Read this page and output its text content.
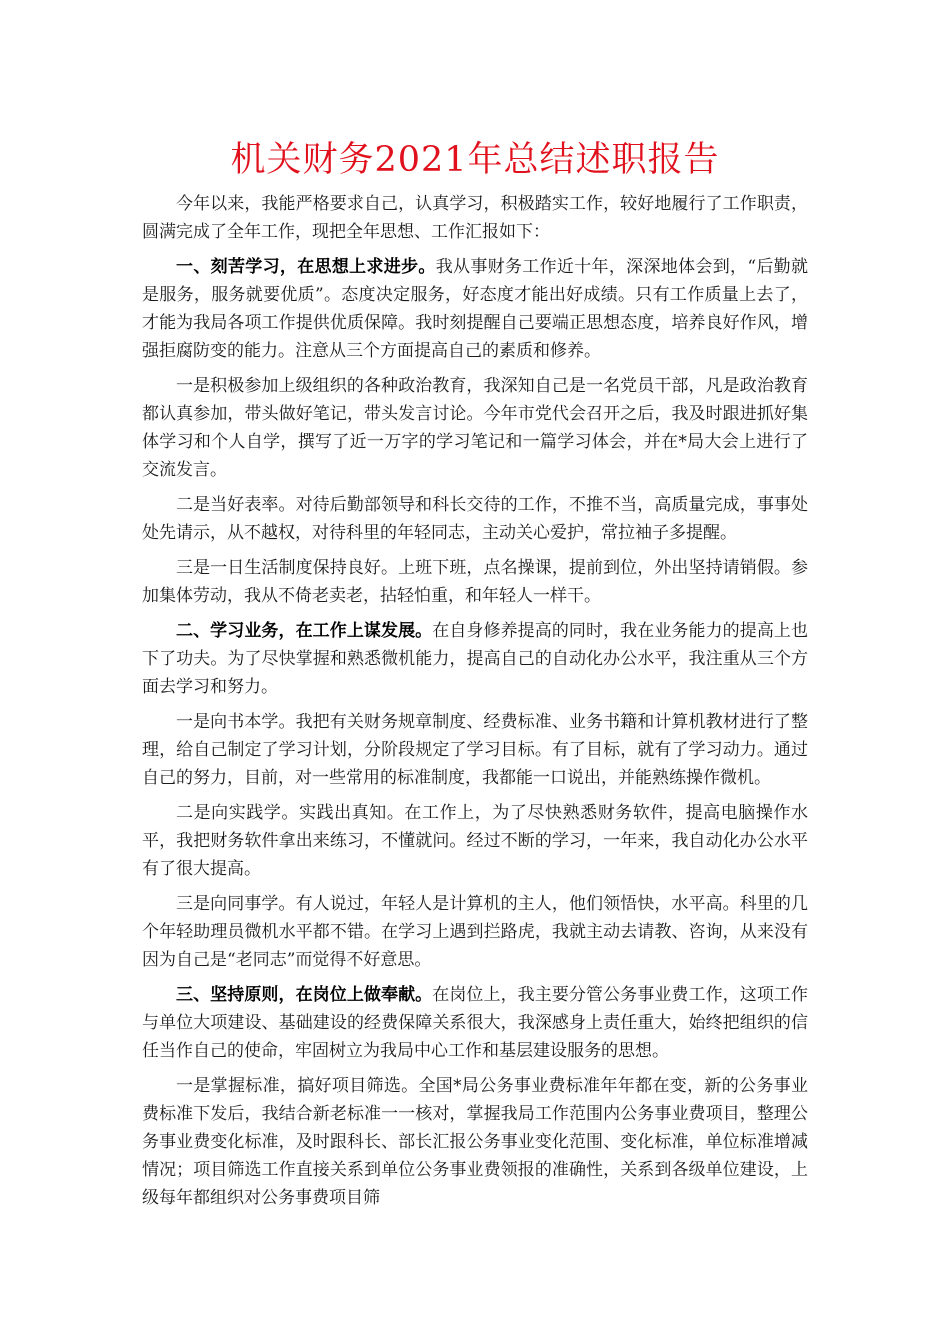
机关财务2021年总结述职报告

今年以来，我能严格要求自己，认真学习，积极踏实工作，较好地履行了工作职责，圆满完成了全年工作，现把全年思想、工作汇报如下：

一、刻苦学习，在思想上求进步。我从事财务工作近十年，深深地体会到，“后勤就是服务，服务就要优质”。态度决定服务，好态度才能出好成绩。只有工作质量上去了，才能为我局各项工作提供优质保障。我时刻提醒自己要端正思想态度，培养良好作风，增强拒腐防变的能力。注意从三个方面提高自己的素质和修养。

一是积极参加上级组织的各种政治教育，我深知自己是一名党员干部，凡是政治教育都认真参加，带头做好笔记，带头发言讨论。今年市党代会召开之后，我及时跟进抓好集体学习和个人自学，撰写了近一万字的学习笔记和一篇学习体会，并在*局大会上进行了交流发言。

二是当好表率。对待后勤部领导和科长交待的工作，不推不当，高质量完成，事事处处先请示，从不越权，对待科里的年轻同志，主动关心爱护，常拉袖子多提醒。

三是一日生活制度保持良好。上班下班，点名操课，提前到位，外出坚持请销假。参加集体劳动，我从不倚老卖老，拈轻怕重，和年轻人一样干。

二、学习业务，在工作上谋发展。在自身修养提高的同时，我在业务能力的提高上也下了功夫。为了尽快掌握和熟悉微机能力，提高自己的自动化办公水平，我注重从三个方面去学习和努力。

一是向书本学。我把有关财务规章制度、经费标准、业务书籍和计算机教材进行了整理，给自己制定了学习计划，分阶段规定了学习目标。有了目标，就有了学习动力。通过自己的努力，目前，对一些常用的标准制度，我都能一口说出，并能熟练操作微机。

二是向实践学。实践出真知。在工作上，为了尽快熟悉财务软件，提高电脑操作水平，我把财务软件拿出来练习，不懂就问。经过不断的学习，一年来，我自动化办公水平有了很大提高。

三是向同事学。有人说过，年轻人是计算机的主人，他们领悟快，水平高。科里的几个年轻助理员微机水平都不错。在学习上遇到拦路虎，我就主动去请教、咨询，从来没有因为自己是“老同志”而觉得不好意思。

三、坚持原则，在岗位上做奉献。在岗位上，我主要分管公务事业费工作，这项工作与单位大项建设、基础建设的经费保障关系很大，我深感身上责任重大，始终把组织的信任当作自己的使命，牢固树立为我局中心工作和基层建设服务的思想。

一是掌握标准，搞好项目筛选。全国*局公务事业费标准年年都在变，新的公务事业费标准下发后，我结合新老标准一一核对，掌握我局工作范围内公务事业费项目，整理公务事业费变化标准，及时跟科长、部长汇报公务事业变化范围、变化标准，单位标准增减情况；项目筛选工作直接关系到单位公务事业费领报的准确性，关系到各级单位建设，上级每年都组织对公务事费项目筛
